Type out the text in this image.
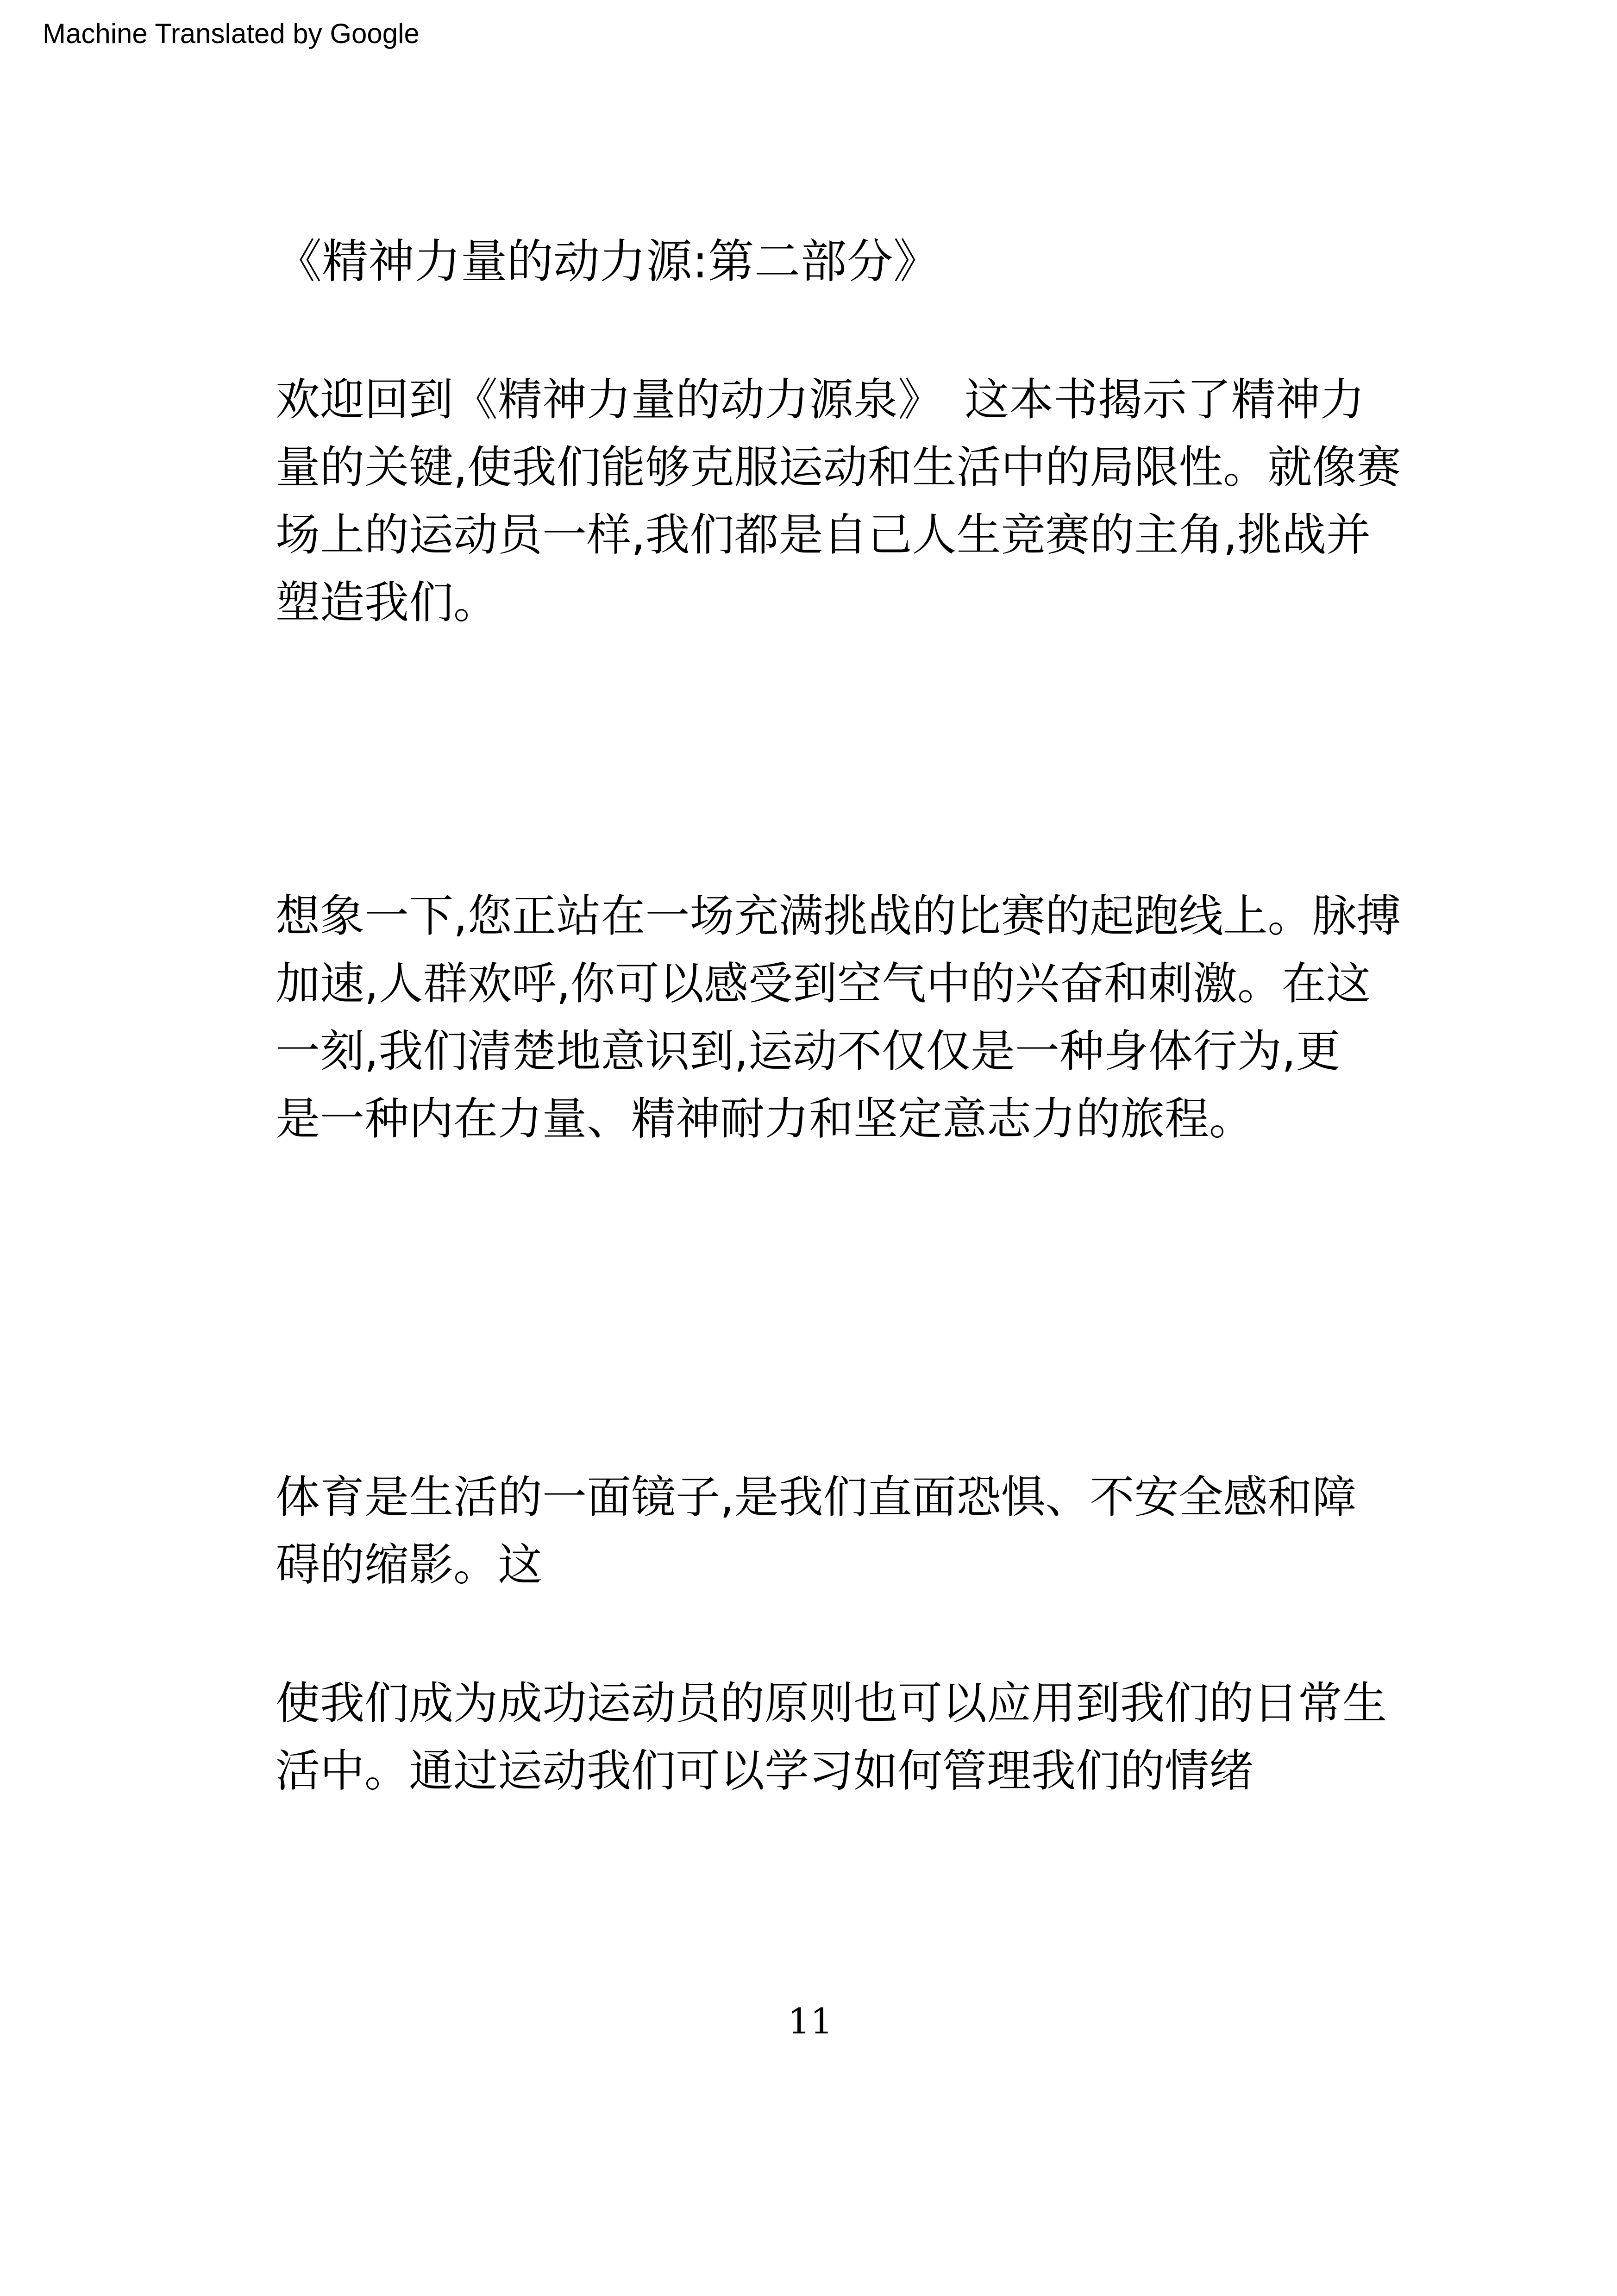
Machine Translated by Google
《精神力量的动力源:第二部分》

欢迎回到《精神力量的动力源泉》　这本书揭示了精神力
量的关键,使我们能够克服运动和生活中的局限性。就像赛
场上的运动员一样,我们都是自己人生竞赛的主角,挑战并
塑造我们。

想象一下,您正站在一场充满挑战的比赛的起跑线上。脉搏
加速,人群欢呼,你可以感受到空气中的兴奋和刺激。在这
一刻,我们清楚地意识到,运动不仅仅是一种身体行为,更
是一种内在力量、精神耐力和坚定意志力的旅程。

体育是生活的一面镜子,是我们直面恐惧、不安全感和障
碍的缩影。这

使我们成为成功运动员的原则也可以应用到我们的日常生
活中。通过运动我们可以学习如何管理我们的情绪

11
